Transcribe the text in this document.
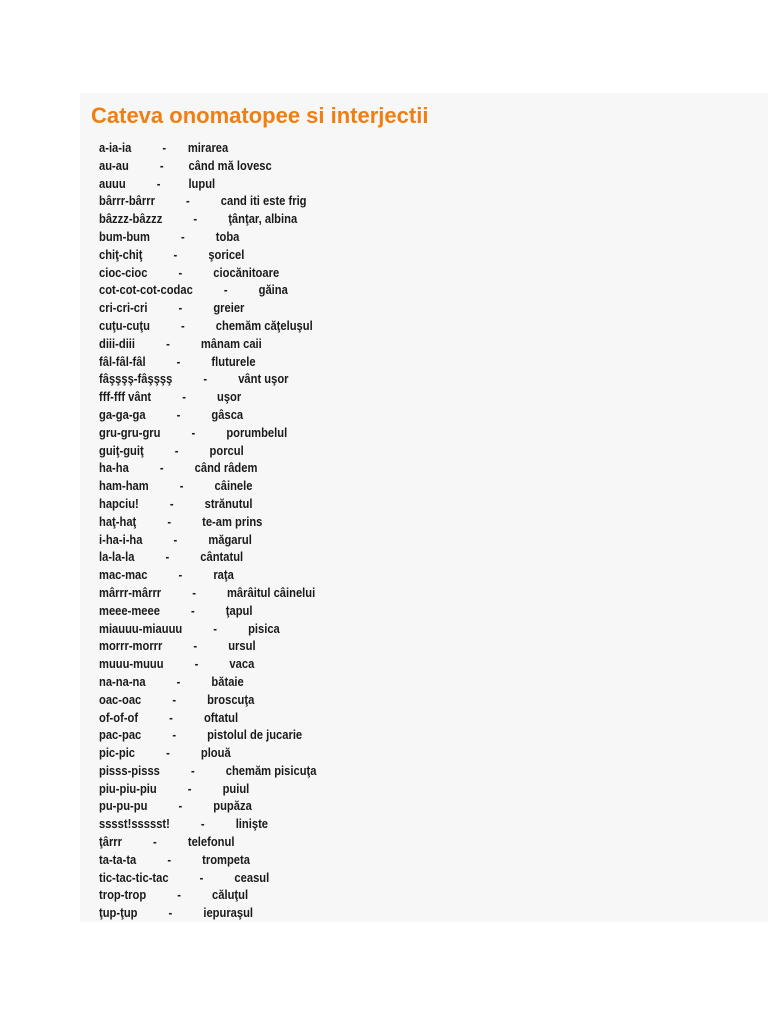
Cateva onomatopee si interjectii
a-ia-ia          -       mirarea
au-au          -        când mă lovesc
auuu          -         lupul
bârrr-bârrr          -          cand iti este frig
bâzzz-bâzzz          -          ţânţar, albina
bum-bum          -          toba
chiţ-chiţ          -          şoricel
cioc-cioc          -          ciocănitoare
cot-cot-cot-codac          -          găina
cri-cri-cri          -          greier
cuţu-cuţu          -          chemăm căţeluşul
diii-diii          -          mânam caii
fâl-fâl-fâl          -          fluturele
fâşşşş-fâşşşş          -          vânt uşor
fff-fff vânt          -          uşor
ga-ga-ga          -          gâsca
gru-gru-gru          -          porumbelul
guiţ-guiţ          -          porcul
ha-ha          -          când râdem
ham-ham          -          câinele
hapciu!          -          strănutul
haţ-haţ          -          te-am prins
i-ha-i-ha          -          măgarul
la-la-la          -          cântatul
mac-mac          -          raţa
mârrr-mârrr          -          mârâitul câinelui
meee-meee          -          ţapul
miauuu-miauuu          -          pisica
morrr-morrr          -          ursul
muuu-muuu          -          vaca
na-na-na          -          bătaie
oac-oac          -          broscuţa
of-of-of          -          oftatul
pac-pac          -          pistolul de jucarie
pic-pic          -          plouă
pisss-pisss          -          chemăm pisicuţa
piu-piu-piu          -          puiul
pu-pu-pu          -          pupăza
sssst!ssssst!          -          linişte
ţârrr          -          telefonul
ta-ta-ta          -          trompeta
tic-tac-tic-tac          -          ceasul
trop-trop          -          căluţul
ţup-ţup          -          iepuraşul
